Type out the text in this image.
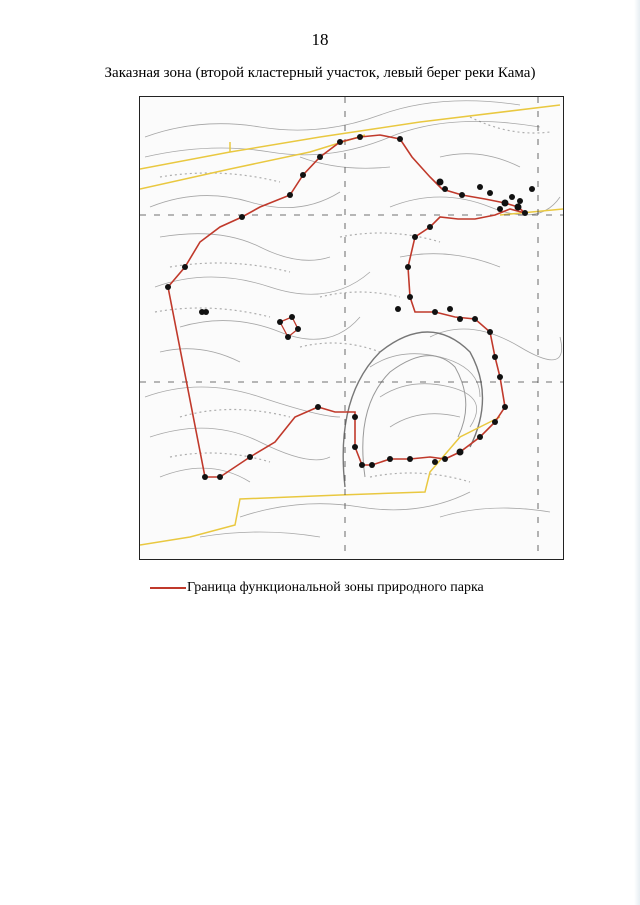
18
Заказная зона (второй кластерный участок, левый берег реки Кама)
Граница функциональной зоны природного парка
